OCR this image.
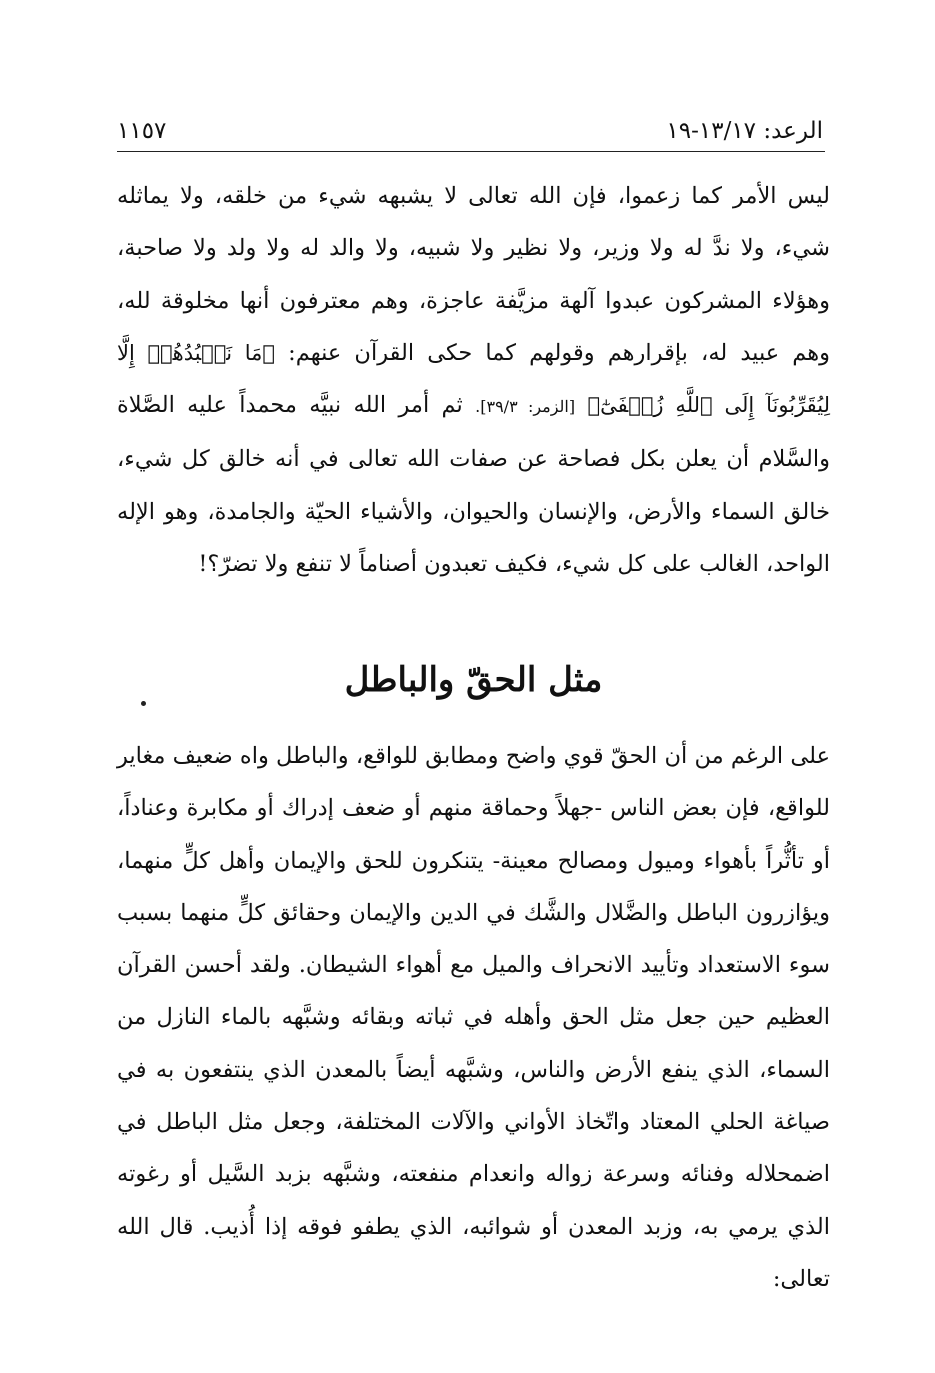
الرعد: ١٣/١٧-١٩
١١٥٧

ليس الأمر كما زعموا، فإن الله تعالى لا يشبهه شيء من خلقه، ولا يماثله شيء، ولا ندَّ له ولا وزير، ولا نظير ولا شبيه، ولا والد له ولا ولد ولا صاحبة، وهؤلاء المشركون عبدوا آلهة مزيَّفة عاجزة، وهم معترفون أنها مخلوقة لله، وهم عبيد له، بإقرارهم وقولهم كما حكى القرآن عنهم: ﴿مَا نَعۡبُدُهُمۡ إِلَّا لِيُقَرِّبُونَآ إِلَى ٱللَّهِ زُلۡفَىٰٓ﴾ [الزمر: ٣٩/٣]. ثم أمر الله نبيَّه محمداً عليه الصَّلاة والسَّلام أن يعلن بكل فصاحة عن صفات الله تعالى في أنه خالق كل شيء، خالق السماء والأرض، والإنسان والحيوان، والأشياء الحيّة والجامدة، وهو الإله الواحد، الغالب على كل شيء، فكيف تعبدون أصناماً لا تنفع ولا تضرّ؟!

مثل الحقّ والباطل

على الرغم من أن الحقّ قوي واضح ومطابق للواقع، والباطل واه ضعيف مغاير للواقع، فإن بعض الناس -جهلاً وحماقة منهم أو ضعف إدراك أو مكابرة وعناداً، أو تأثُّراً بأهواء وميول ومصالح معينة- يتنكرون للحق والإيمان وأهل كلٍّ منهما، ويؤازرون الباطل والضَّلال والشَّك في الدين والإيمان وحقائق كلٍّ منهما بسبب سوء الاستعداد وتأييد الانحراف والميل مع أهواء الشيطان. ولقد أحسن القرآن العظيم حين جعل مثل الحق وأهله في ثباته وبقائه وشبَّهه بالماء النازل من السماء، الذي ينفع الأرض والناس، وشبَّهه أيضاً بالمعدن الذي ينتفعون به في صياغة الحلي المعتاد واتّخاذ الأواني والآلات المختلفة، وجعل مثل الباطل في اضمحلاله وفنائه وسرعة زواله وانعدام منفعته، وشبَّهه بزبد السَّيل أو رغوته الذي يرمي به، وزبد المعدن أو شوائبه، الذي يطفو فوقه إذا أُذيب. قال الله تعالى:
